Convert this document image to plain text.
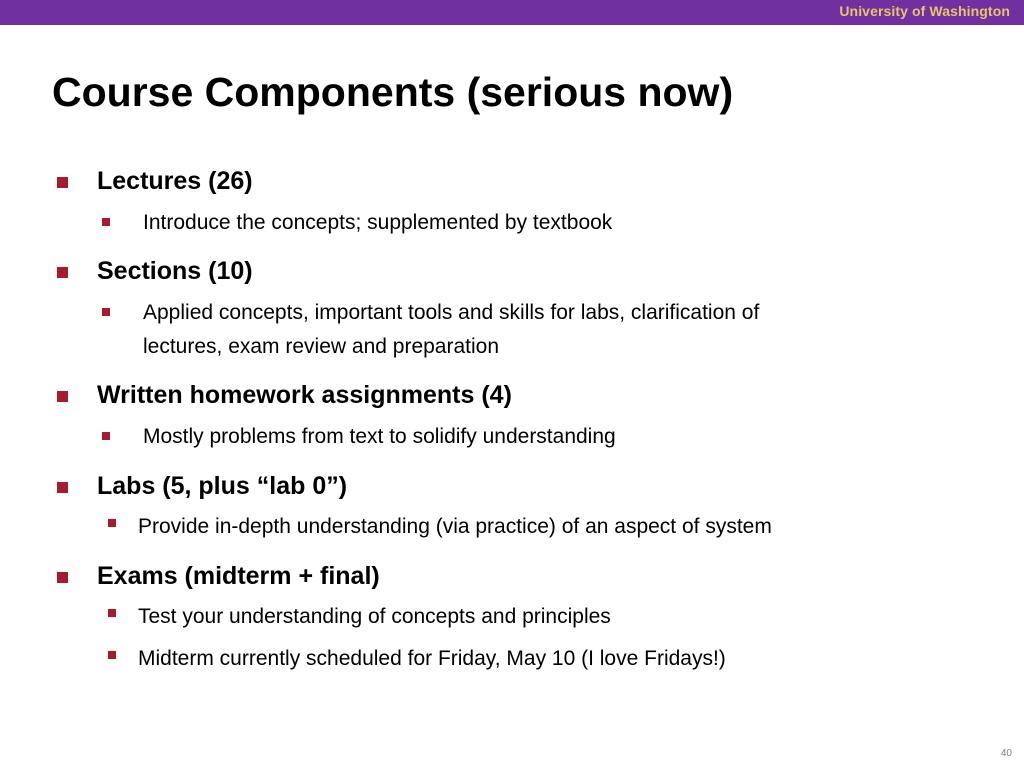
University of Washington
Course Components (serious now)
Lectures (26)
Introduce the concepts; supplemented by textbook
Sections (10)
Applied concepts, important tools and skills for labs, clarification of
lectures, exam review and preparation
Written homework assignments (4)
Mostly problems from text to solidify understanding
Labs (5, plus “lab 0”)
Provide in-depth understanding (via practice) of an aspect of system
Exams (midterm + final)
Test your understanding of concepts and principles
Midterm currently scheduled for Friday, May 10 (I love Fridays!)
40
